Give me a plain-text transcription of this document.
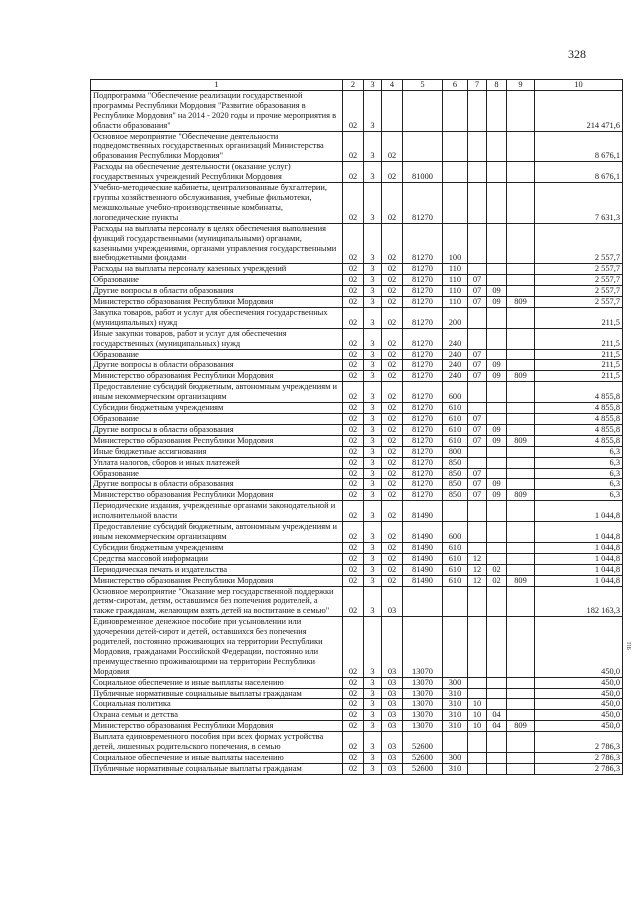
328
ПБ
1	2	3	4	5	6	7	8	9	10
Подпрограмма "Обеспечение реализации государственной программы Республики Мордовия "Развитие образования в Республике Мордовия" на 2014 - 2020 годы и прочие мероприятия в области образования"	02	3							214 471,6
Основное мероприятие "Обеспечение деятельности подведомственных государственных организаций Министерства образования Республики Мордовия"	02	3	02						8 676,1
Расходы на обеспечение деятельности (оказание услуг) государственных учреждений Республики Мордовия	02	3	02	81000					8 676,1
Учебно-методические кабинеты, централизованные бухгалтерии, группы хозяйственного обслуживания, учебные фильмотеки, межшкольные учебно-производственные комбинаты, логопедические пункты	02	3	02	81270					7 631,3
Расходы на выплаты персоналу в целях обеспечения выполнения функций государственными (муниципальными) органами, казенными учреждениями, органами управления государственными внебюджетными фондами	02	3	02	81270	100				2 557,7
Расходы на выплаты персоналу казенных учреждений	02	3	02	81270	110				2 557,7
Образование	02	3	02	81270	110	07			2 557,7
Другие вопросы в области образования	02	3	02	81270	110	07	09		2 557,7
Министерство образования Республики Мордовия	02	3	02	81270	110	07	09	809	2 557,7
Закупка товаров, работ и услуг для обеспечения государственных (муниципальных) нужд	02	3	02	81270	200				211,5
Иные закупки товаров, работ и услуг для обеспечения государственных (муниципальных) нужд	02	3	02	81270	240				211,5
Образование	02	3	02	81270	240	07			211,5
Другие вопросы в области образования	02	3	02	81270	240	07	09		211,5
Министерство образования Республики Мордовия	02	3	02	81270	240	07	09	809	211,5
Предоставление субсидий бюджетным, автономным учреждениям и иным некоммерческим организациям	02	3	02	81270	600				4 855,8
Субсидии бюджетным учреждениям	02	3	02	81270	610				4 855,8
Образование	02	3	02	81270	610	07			4 855,8
Другие вопросы в области образования	02	3	02	81270	610	07	09		4 855,8
Министерство образования Республики Мордовия	02	3	02	81270	610	07	09	809	4 855,8
Иные бюджетные ассигнования	02	3	02	81270	800				6,3
Уплата налогов, сборов и иных платежей	02	3	02	81270	850				6,3
Образование	02	3	02	81270	850	07			6,3
Другие вопросы в области образования	02	3	02	81270	850	07	09		6,3
Министерство образования Республики Мордовия	02	3	02	81270	850	07	09	809	6,3
Периодические издания, учрежденные органами законодательной и исполнительной власти	02	3	02	81490					1 044,8
Предоставление субсидий бюджетным, автономным учреждениям и иным некоммерческим организациям	02	3	02	81490	600				1 044,8
Субсидии бюджетным учреждениям	02	3	02	81490	610				1 044,8
Средства массовой информации	02	3	02	81490	610	12			1 044,8
Периодическая печать и издательства	02	3	02	81490	610	12	02		1 044,8
Министерство образования Республики Мордовия	02	3	02	81490	610	12	02	809	1 044,8
Основное мероприятие "Оказание мер государственной поддержки детям-сиротам, детям, оставшимся без попечения родителей, а также гражданам, желающим взять детей на воспитание в семью"	02	3	03						182 163,3
Единовременное денежное пособие при усыновлении или удочерении детей-сирот и детей, оставшихся без попечения родителей, постоянно проживающих на территории Республики Мордовия, гражданами Российской Федерации, постоянно или преимущественно проживающими на территории Республики Мордовия	02	3	03	13070					450,0
Социальное обеспечение и иные выплаты населению	02	3	03	13070	300				450,0
Публичные нормативные социальные выплаты гражданам	02	3	03	13070	310				450,0
Социальная политика	02	3	03	13070	310	10			450,0
Охрана семьи и детства	02	3	03	13070	310	10	04		450,0
Министерство образования Республики Мордовия	02	3	03	13070	310	10	04	809	450,0
Выплата единовременного пособия при всех формах устройства детей, лишенных родительского попечения, в семью	02	3	03	52600					2 786,3
Социальное обеспечение и иные выплаты населению	02	3	03	52600	300				2 786,3
Публичные нормативные социальные выплаты гражданам	02	3	03	52600	310				2 786,3
